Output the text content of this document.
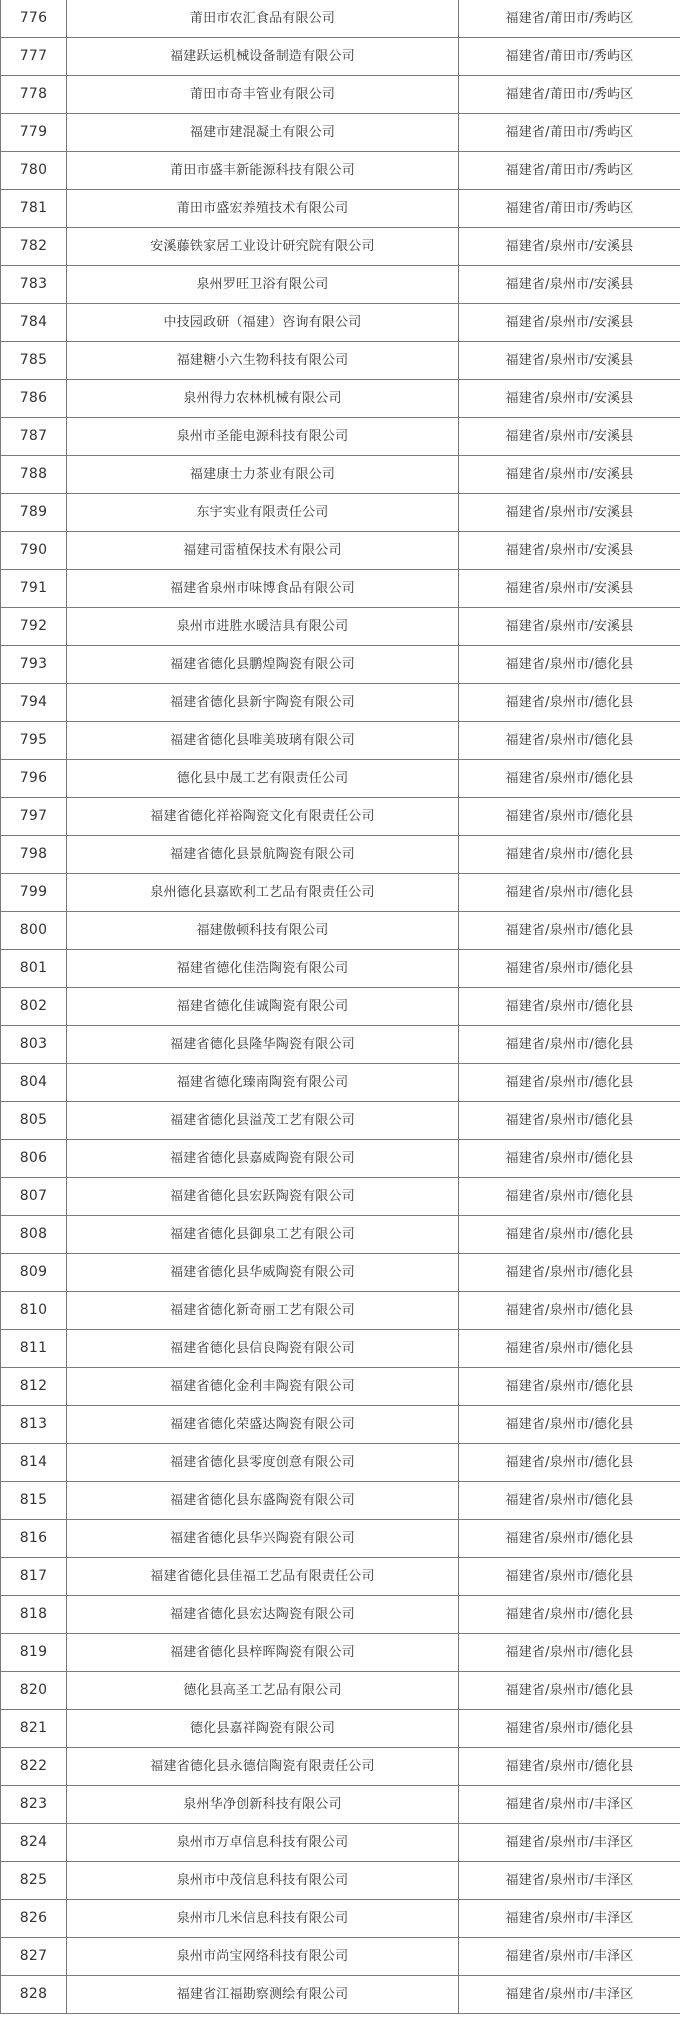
776	莆田市农汇食品有限公司	福建省/莆田市/秀屿区
777	福建跃运机械设备制造有限公司	福建省/莆田市/秀屿区
778	莆田市奇丰管业有限公司	福建省/莆田市/秀屿区
779	福建市建混凝土有限公司	福建省/莆田市/秀屿区
780	莆田市盛丰新能源科技有限公司	福建省/莆田市/秀屿区
781	莆田市盛宏养殖技术有限公司	福建省/莆田市/秀屿区
782	安溪藤铁家居工业设计研究院有限公司	福建省/泉州市/安溪县
783	泉州罗旺卫浴有限公司	福建省/泉州市/安溪县
784	中技园政研（福建）咨询有限公司	福建省/泉州市/安溪县
785	福建糖小六生物科技有限公司	福建省/泉州市/安溪县
786	泉州得力农林机械有限公司	福建省/泉州市/安溪县
787	泉州市圣能电源科技有限公司	福建省/泉州市/安溪县
788	福建康士力茶业有限公司	福建省/泉州市/安溪县
789	东宇实业有限责任公司	福建省/泉州市/安溪县
790	福建司雷植保技术有限公司	福建省/泉州市/安溪县
791	福建省泉州市味博食品有限公司	福建省/泉州市/安溪县
792	泉州市进胜水暖洁具有限公司	福建省/泉州市/安溪县
793	福建省德化县鹏煌陶瓷有限公司	福建省/泉州市/德化县
794	福建省德化县新宇陶瓷有限公司	福建省/泉州市/德化县
795	福建省德化县唯美玻璃有限公司	福建省/泉州市/德化县
796	德化县中晟工艺有限责任公司	福建省/泉州市/德化县
797	福建省德化祥裕陶瓷文化有限责任公司	福建省/泉州市/德化县
798	福建省德化县景航陶瓷有限公司	福建省/泉州市/德化县
799	泉州德化县嘉欧利工艺品有限责任公司	福建省/泉州市/德化县
800	福建傲顿科技有限公司	福建省/泉州市/德化县
801	福建省德化佳浩陶瓷有限公司	福建省/泉州市/德化县
802	福建省德化佳诚陶瓷有限公司	福建省/泉州市/德化县
803	福建省德化县隆华陶瓷有限公司	福建省/泉州市/德化县
804	福建省德化臻南陶瓷有限公司	福建省/泉州市/德化县
805	福建省德化县溢茂工艺有限公司	福建省/泉州市/德化县
806	福建省德化县嘉威陶瓷有限公司	福建省/泉州市/德化县
807	福建省德化县宏跃陶瓷有限公司	福建省/泉州市/德化县
808	福建省德化县御泉工艺有限公司	福建省/泉州市/德化县
809	福建省德化县华威陶瓷有限公司	福建省/泉州市/德化县
810	福建省德化新奇丽工艺有限公司	福建省/泉州市/德化县
811	福建省德化县信良陶瓷有限公司	福建省/泉州市/德化县
812	福建省德化金利丰陶瓷有限公司	福建省/泉州市/德化县
813	福建省德化荣盛达陶瓷有限公司	福建省/泉州市/德化县
814	福建省德化县零度创意有限公司	福建省/泉州市/德化县
815	福建省德化县东盛陶瓷有限公司	福建省/泉州市/德化县
816	福建省德化县华兴陶瓷有限公司	福建省/泉州市/德化县
817	福建省德化县佳福工艺品有限责任公司	福建省/泉州市/德化县
818	福建省德化县宏达陶瓷有限公司	福建省/泉州市/德化县
819	福建省德化县梓晖陶瓷有限公司	福建省/泉州市/德化县
820	德化县高圣工艺品有限公司	福建省/泉州市/德化县
821	德化县嘉祥陶瓷有限公司	福建省/泉州市/德化县
822	福建省德化县永德信陶瓷有限责任公司	福建省/泉州市/德化县
823	泉州华净创新科技有限公司	福建省/泉州市/丰泽区
824	泉州市万卓信息科技有限公司	福建省/泉州市/丰泽区
825	泉州市中茂信息科技有限公司	福建省/泉州市/丰泽区
826	泉州市几米信息科技有限公司	福建省/泉州市/丰泽区
827	泉州市尚宝网络科技有限公司	福建省/泉州市/丰泽区
828	福建省江福勘察测绘有限公司	福建省/泉州市/丰泽区
